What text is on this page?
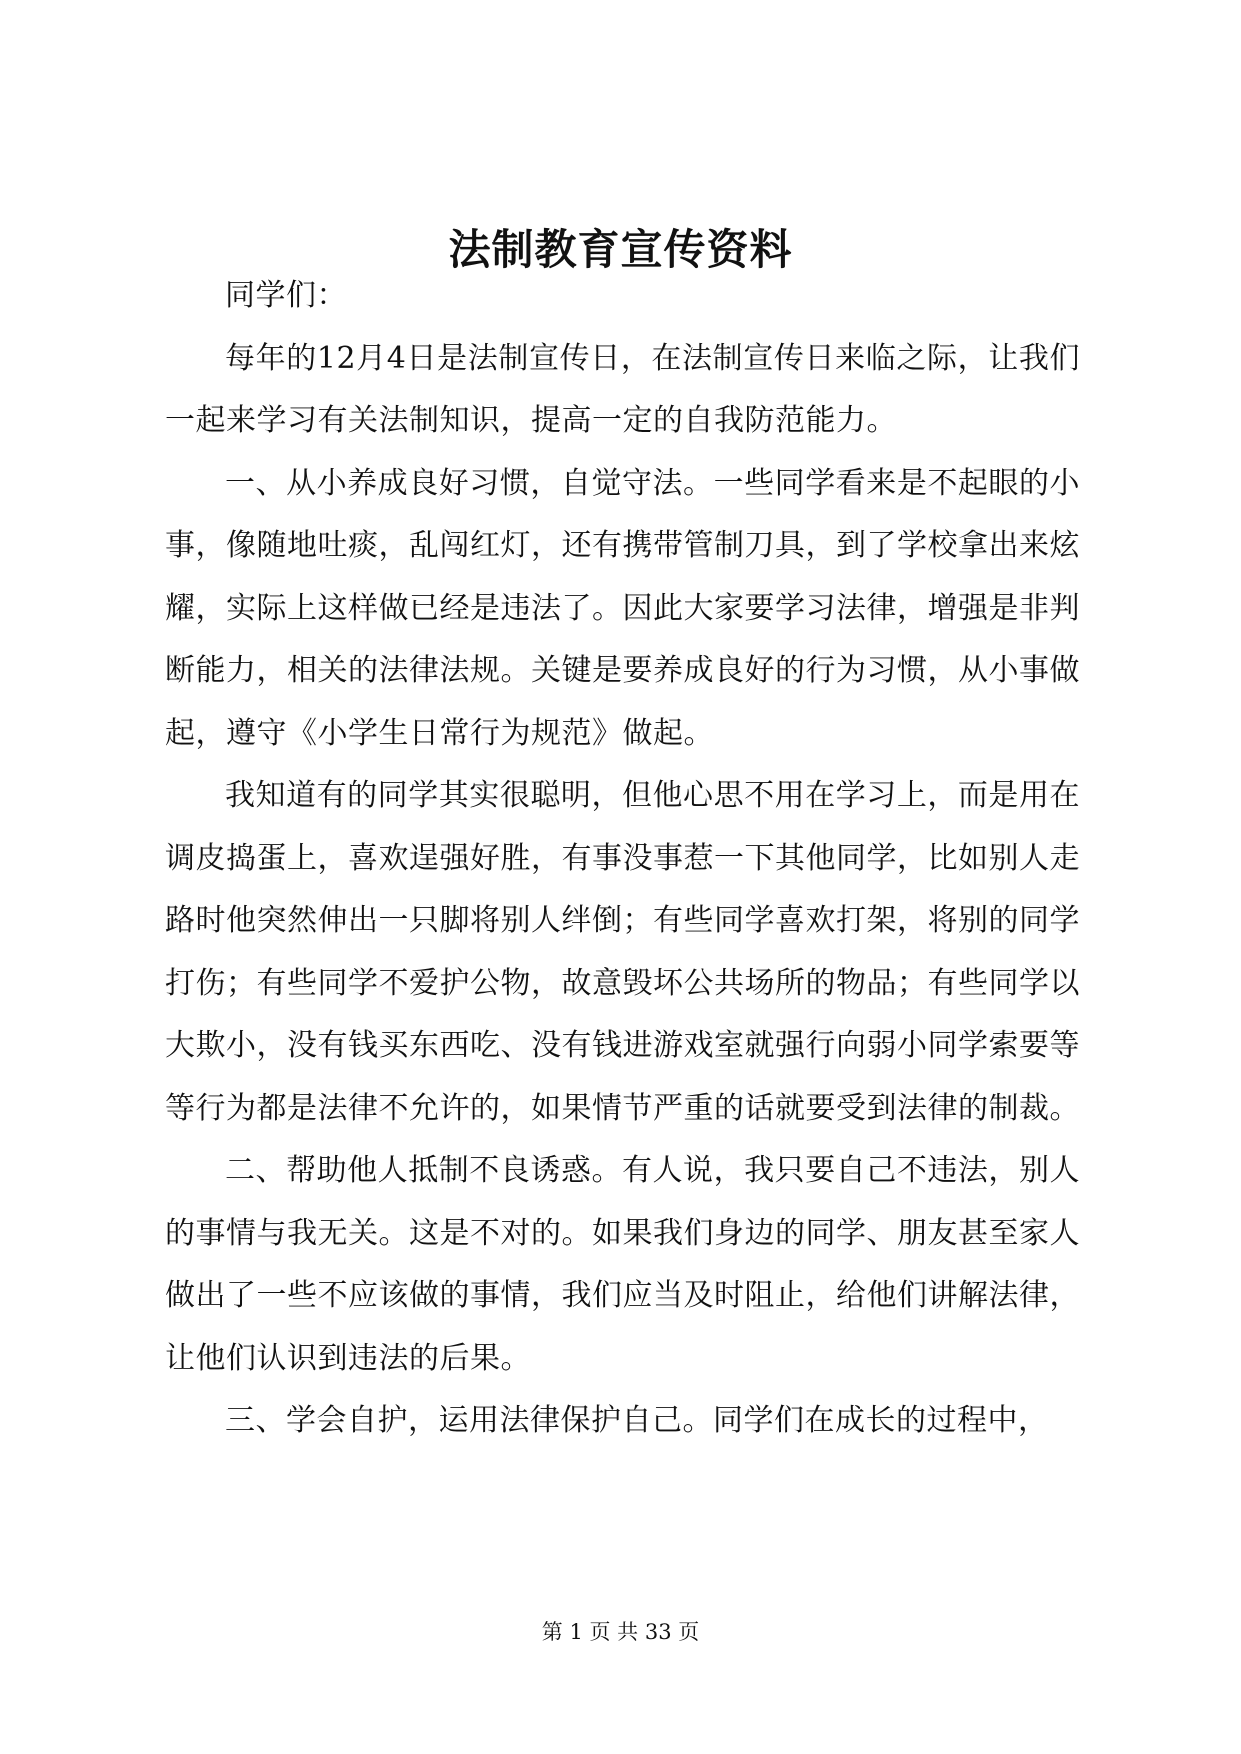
法制教育宣传资料

同学们：

每年的12月4日是法制宣传日，在法制宣传日来临之际，让我们一起来学习有关法制知识，提高一定的自我防范能力。

一、从小养成良好习惯，自觉守法。一些同学看来是不起眼的小事，像随地吐痰，乱闯红灯，还有携带管制刀具，到了学校拿出来炫耀，实际上这样做已经是违法了。因此大家要学习法律，增强是非判断能力，相关的法律法规。关键是要养成良好的行为习惯，从小事做起，遵守《小学生日常行为规范》做起。

我知道有的同学其实很聪明，但他心思不用在学习上，而是用在调皮捣蛋上，喜欢逞强好胜，有事没事惹一下其他同学，比如别人走路时他突然伸出一只脚将别人绊倒；有些同学喜欢打架，将别的同学打伤；有些同学不爱护公物，故意毁坏公共场所的物品；有些同学以大欺小，没有钱买东西吃、没有钱进游戏室就强行向弱小同学索要等等行为都是法律不允许的，如果情节严重的话就要受到法律的制裁。

二、帮助他人抵制不良诱惑。有人说，我只要自己不违法，别人的事情与我无关。这是不对的。如果我们身边的同学、朋友甚至家人做出了一些不应该做的事情，我们应当及时阻止，给他们讲解法律，让他们认识到违法的后果。

三、学会自护，运用法律保护自己。同学们在成长的过程中，

第 1 页 共 33 页
